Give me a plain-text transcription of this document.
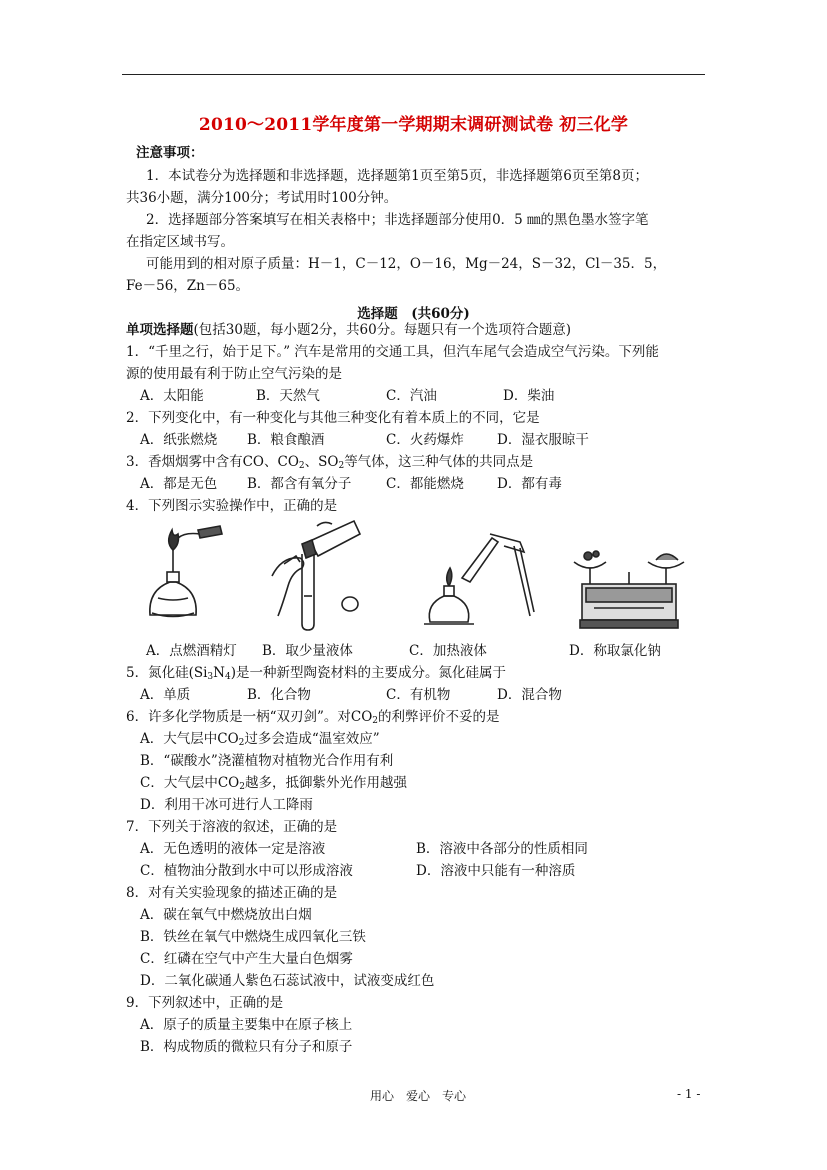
2010～2011学年度第一学期期末调研测试卷 初三化学
注意事项：
1．本试卷分为选择题和非选择题，选择题第1页至第5页，非选择题第6页至第8页；
共36小题，满分100分；考试用时100分钟。
2．选择题部分答案填写在相关表格中；非选择题部分使用0．5 ㎜的黑色墨水签字笔
在指定区域书写。
可能用到的相对原子质量：H－1，C－12，O－16，Mg－24，S－32，Cl－35．5，
Fe－56，Zn－65。
选择题　(共60分)
单项选择题(包括30题，每小题2分，共60分。每题只有一个选项符合题意)
1．“千里之行，始于足下。” 汽车是常用的交通工具，但汽车尾气会造成空气污染。下列能
源的使用最有利于防止空气污染的是
A．太阳能	B．天然气	C．汽油	D．柴油
2．下列变化中，有一种变化与其他三种变化有着本质上的不同，它是
A．纸张燃烧 B．粮食酿酒	C．火药爆炸 D．湿衣服晾干
3．香烟烟雾中含有CO、$CO_2$、$SO_2$等气体，这三种气体的共同点是
A．都是无色 B．都含有氧分子	C．都能燃烧 D．都有毒
4．下列图示实验操作中，正确的是
A．点燃酒精灯 B．取少量液体	C．加热液体	D．称取氯化钠
5．氮化硅$(Si_3N_4)$是一种新型陶瓷材料的主要成分。氮化硅属于
A．单质	B．化合物	C．有机物	D．混合物
6．许多化学物质是一柄“双刃剑”。对$CO_2$的利弊评价不妥的是
A．大气层中$CO_2$过多会造成“温室效应”
B．“碳酸水”浇灌植物对植物光合作用有利
C．大气层中$CO_2$越多，抵御紫外光作用越强
D．利用干冰可进行人工降雨
7．下列关于溶液的叙述，正确的是
A．无色透明的液体一定是溶液	B．溶液中各部分的性质相同
C．植物油分散到水中可以形成溶液	D．溶液中只能有一种溶质
8．对有关实验现象的描述正确的是
A．碳在氧气中燃烧放出白烟
B．铁丝在氧气中燃烧生成四氧化三铁
C．红磷在空气中产生大量白色烟雾
D．二氧化碳通人紫色石蕊试液中，试液变成红色
9．下列叙述中，正确的是
A．原子的质量主要集中在原子核上
B．构成物质的微粒只有分子和原子
用心　爱心　专心	- 1 -
